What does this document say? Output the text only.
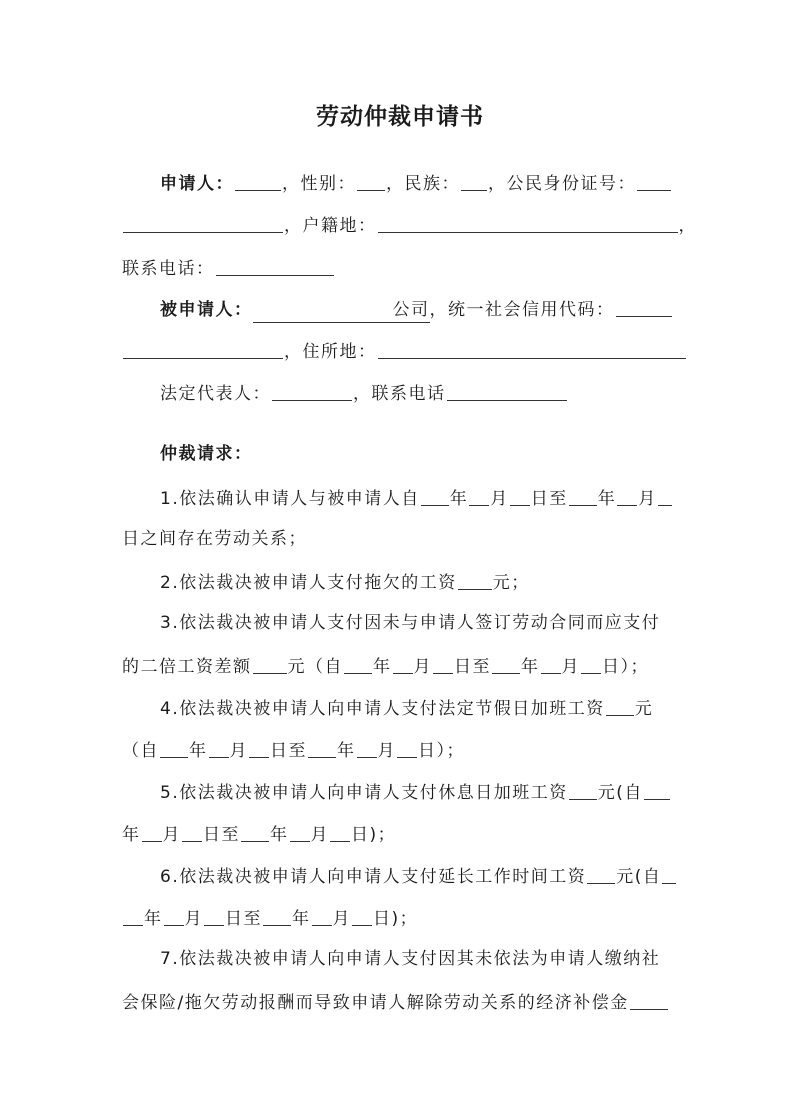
劳动仲裁申请书
申请人：	，性别： ，民族： ，公民身份证号：
，户籍地：	，
联系电话：
被申请人：	公司，统一社会信用代码：
，住所地：
法定代表人：	，联系电话
仲裁请求：
1.依法确认申请人与被申请人自 年 月 日至 年 月
日之间存在劳动关系；
2.依法裁决被申请人支付拖欠的工资 元；
3.依法裁决被申请人支付因未与申请人签订劳动合同而应支付
的二倍工资差额 元（自 年 月 日至 年 月 日）；
4.依法裁决被申请人向申请人支付法定节假日加班工资 元
（自 年 月 日至 年 月 日）；
5.依法裁决被申请人向申请人支付休息日加班工资 元(自
年 月 日至 年 月 日)；
6.依法裁决被申请人向申请人支付延长工作时间工资 元(自
年 月 日至 年 月 日)；
7.依法裁决被申请人向申请人支付因其未依法为申请人缴纳社
会保险/拖欠劳动报酬而导致申请人解除劳动关系的经济补偿金
